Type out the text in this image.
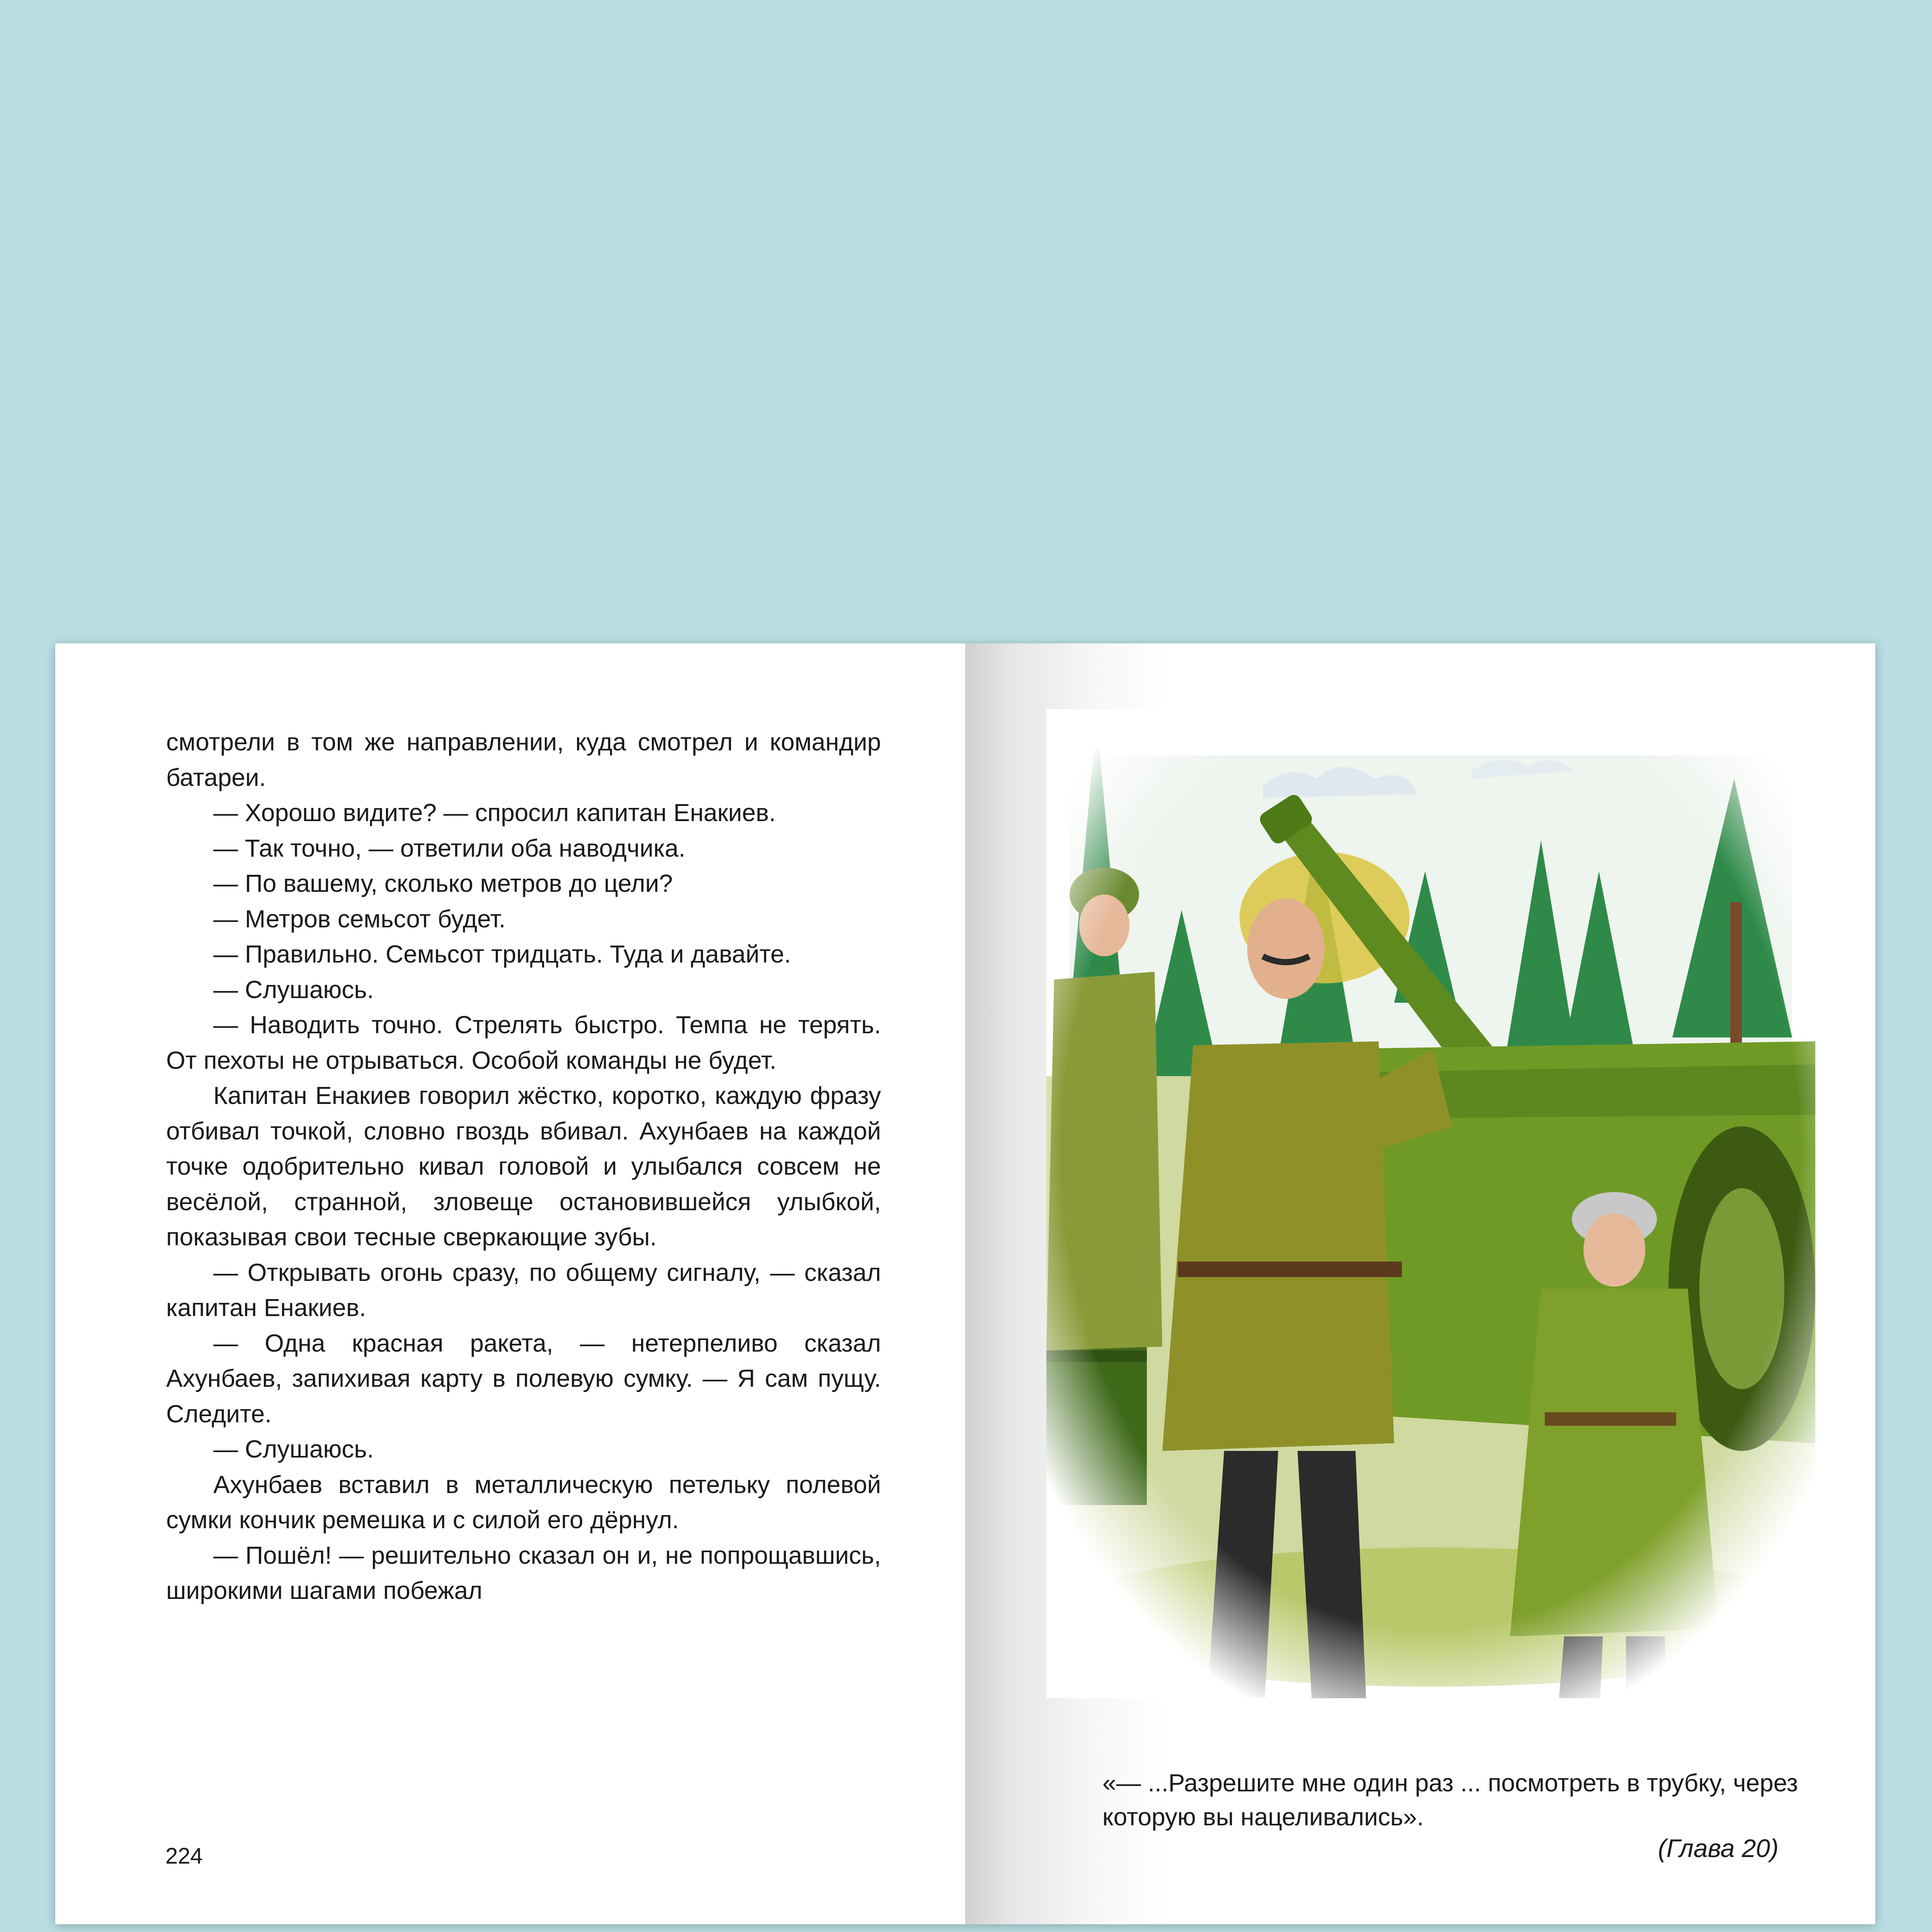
смотрели в том же направлении, куда смотрел и командир батареи.

— Хорошо видите? — спросил капитан Енакиев.

— Так точно, — ответили оба наводчика.

— По вашему, сколько метров до цели?

— Метров семьсот будет.

— Правильно. Семьсот тридцать. Туда и давайте.

— Слушаюсь.

— Наводить точно. Стрелять быстро. Темпа не терять. От пехоты не отрываться. Особой команды не будет.

Капитан Енакиев говорил жёстко, коротко, каждую фразу отбивал точкой, словно гвоздь вбивал. Ахунбаев на каждой точке одобрительно кивал головой и улыбался совсем не весёлой, странной, зловеще остановившейся улыбкой, показывая свои тесные сверкающие зубы.

— Открывать огонь сразу, по общему сигналу, — сказал капитан Енакиев.

— Одна красная ракета, — нетерпеливо сказал Ахунбаев, запихивая карту в полевую сумку. — Я сам пущу. Следите.

— Слушаюсь.

Ахунбаев вставил в металлическую петельку полевой сумки кончик ремешка и с силой его дёрнул.

— Пошёл! — решительно сказал он и, не попрощавшись, широкими шагами побежал

224

«— ...Разрешите мне один раз ... посмотреть в трубку, через которую вы нацеливались».

(Глава 20)
